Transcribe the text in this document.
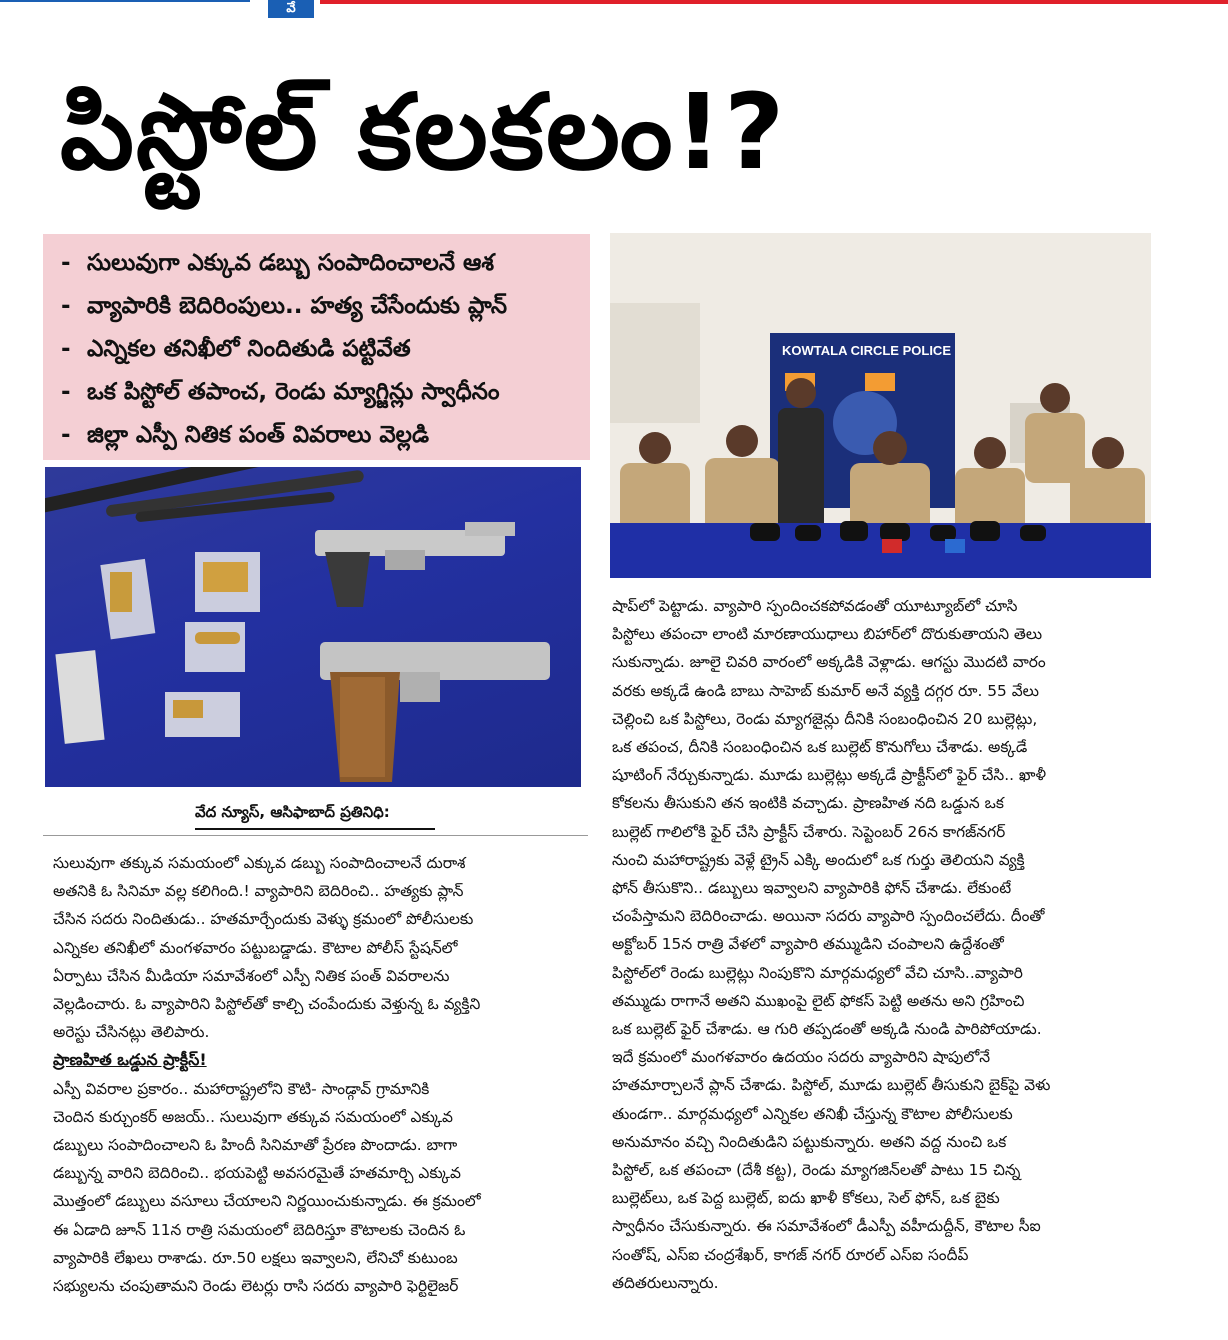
వే
పిస్టోల్ కలకలం!?
- సులువుగా ఎక్కువ డబ్బు సంపాదించాలనే ఆశ
- వ్యాపారికి బెదిరింపులు.. హత్య చేసేందుకు ప్లాన్
- ఎన్నికల తనిఖీలో నిందితుడి పట్టివేత
- ఒక పిస్టోల్ తపాంచ, రెండు మ్యాగ్జిన్లు స్వాధీనం
- జిల్లా ఎస్పీ నితిక పంత్ వివరాలు వెల్లడి
KOWTALA CIRCLE POLICE
వేద న్యూస్, ఆసిఫాబాద్ ప్రతినిధి:

సులువుగా తక్కువ సమయంలో ఎక్కువ డబ్బు సంపాదించాలనే దురాశ
అతనికి ఓ సినిమా వల్ల కలిగింది.! వ్యాపారిని బెదిరించి.. హత్యకు ప్లాన్
చేసిన సదరు నిందితుడు.. హతమార్చేందుకు వెళ్ళు క్రమంలో పోలీసులకు
ఎన్నికల తనిఖీలో మంగళవారం పట్టుబడ్డాడు. కౌటాల పోలీస్ స్టేషన్‌లో
ఏర్పాటు చేసిన మీడియా సమావేశంలో ఎస్పీ నితిక పంత్ వివరాలను
వెల్లడించారు. ఓ వ్యాపారిని పిస్టోల్‌తో కాల్చి చంపేందుకు వెళ్తున్న ఓ వ్యక్తిని
అరెస్టు చేసినట్లు తెలిపారు.

ప్రాణహిత ఒడ్డున ప్రాక్టీస్!

ఎస్పీ వివరాల ప్రకారం.. మహారాష్ట్రలోని కౌటి- సాండ్గావ్ గ్రామానికి
చెందిన కుర్చుంకర్ అజయ్.. సులువుగా తక్కువ సమయంలో ఎక్కువ
డబ్బులు సంపాదించాలని ఓ హిందీ సినిమాతో ప్రేరణ పొందాడు. బాగా
డబ్బున్న వారిని బెదిరించి.. భయపెట్టి అవసరమైతే హతమార్చి ఎక్కువ
మొత్తంలో డబ్బులు వసూలు చేయాలని నిర్ణయించుకున్నాడు. ఈ క్రమంలో
ఈ ఏడాది జూన్ 11న రాత్రి సమయంలో బెదిరిస్తూ కౌటాలకు చెందిన ఓ
వ్యాపారికి లేఖలు రాశాడు. రూ.50 లక్షలు ఇవ్వాలని, లేనిచో కుటుంబ
సభ్యులను చంపుతామని రెండు లెటర్లు రాసి సదరు వ్యాపారి ఫెర్టిలైజర్

షాప్‌లో పెట్టాడు. వ్యాపారి స్పందించకపోవడంతో యూట్యూబ్‌లో చూసి
పిస్టోలు తపంచా లాంటి మారణాయుధాలు బిహార్‌లో దొరుకుతాయని తెలు
సుకున్నాడు. జూలై చివరి వారంలో అక్కడికి వెళ్లాడు. ఆగస్టు మొదటి వారం
వరకు అక్కడే ఉండి బాబు సాహెబ్ కుమార్ అనే వ్యక్తి దగ్గర రూ. 55 వేలు
చెల్లించి ఒక పిస్టోలు, రెండు మ్యాగజైన్లు దీనికి సంబంధించిన 20 బుల్లెట్లు,
ఒక తపంచ, దీనికి సంబంధించిన ఒక బుల్లెట్ కొనుగోలు చేశాడు. అక్కడే
షూటింగ్ నేర్చుకున్నాడు. మూడు బుల్లెట్లు అక్కడే ప్రాక్టీస్‌లో ఫైర్ చేసి.. ఖాళీ
కోకలను తీసుకుని తన ఇంటికి వచ్చాడు. ప్రాణహిత నది ఒడ్డున ఒక
బుల్లెట్ గాలిలోకి ఫైర్ చేసి ప్రాక్టీస్ చేశారు. సెప్టెంబర్ 26న కాగజ్‌నగర్
నుంచి మహారాష్ట్రకు వెళ్లే ట్రైన్ ఎక్కి అందులో ఒక గుర్తు తెలియని వ్యక్తి
ఫోన్ తీసుకొని.. డబ్బులు ఇవ్వాలని వ్యాపారికి ఫోన్ చేశాడు. లేకుంటే
చంపేస్తామని బెదిరించాడు. అయినా సదరు వ్యాపారి స్పందించలేదు. దీంతో
అక్టోబర్ 15న రాత్రి వేళలో వ్యాపారి తమ్ముడిని చంపాలని ఉద్దేశంతో
పిస్టోల్‌లో రెండు బుల్లెట్లు నింపుకొని మార్గమధ్యలో వేచి చూసి..వ్యాపారి
తమ్ముడు రాగానే అతని ముఖంపై లైట్ ఫోకస్ పెట్టి అతను అని గ్రహించి
ఒక బుల్లెట్ ఫైర్ చేశాడు. ఆ గురి తప్పడంతో అక్కడి నుండి పారిపోయాడు.
ఇదే క్రమంలో మంగళవారం ఉదయం సదరు వ్యాపారిని షాపులోనే
హతమార్చాలనే ప్లాన్ చేశాడు. పిస్టోల్, మూడు బుల్లెట్ తీసుకుని బైక్‌పై వెళు
తుండగా.. మార్గమధ్యలో ఎన్నికల తనిఖీ చేస్తున్న కౌటాల పోలీసులకు
అనుమానం వచ్చి నిందితుడిని పట్టుకున్నారు. అతని వద్ద నుంచి ఒక
పిస్టోల్, ఒక తపంచా (దేశీ కట్ట), రెండు మ్యాగజిన్‌లతో పాటు 15 చిన్న
బుల్లెట్‌లు, ఒక పెద్ద బుల్లెట్, ఐదు ఖాళీ కోకలు, సెల్ ఫోన్, ఒక బైకు
స్వాధీనం చేసుకున్నారు. ఈ సమావేశంలో డీఎస్పీ వహీదుద్దీన్, కౌటాల సీఐ
సంతోష్, ఎస్ఐ చంద్రశేఖర్, కాగజ్ నగర్ రూరల్ ఎస్ఐ సందీప్
తదితరులున్నారు.
